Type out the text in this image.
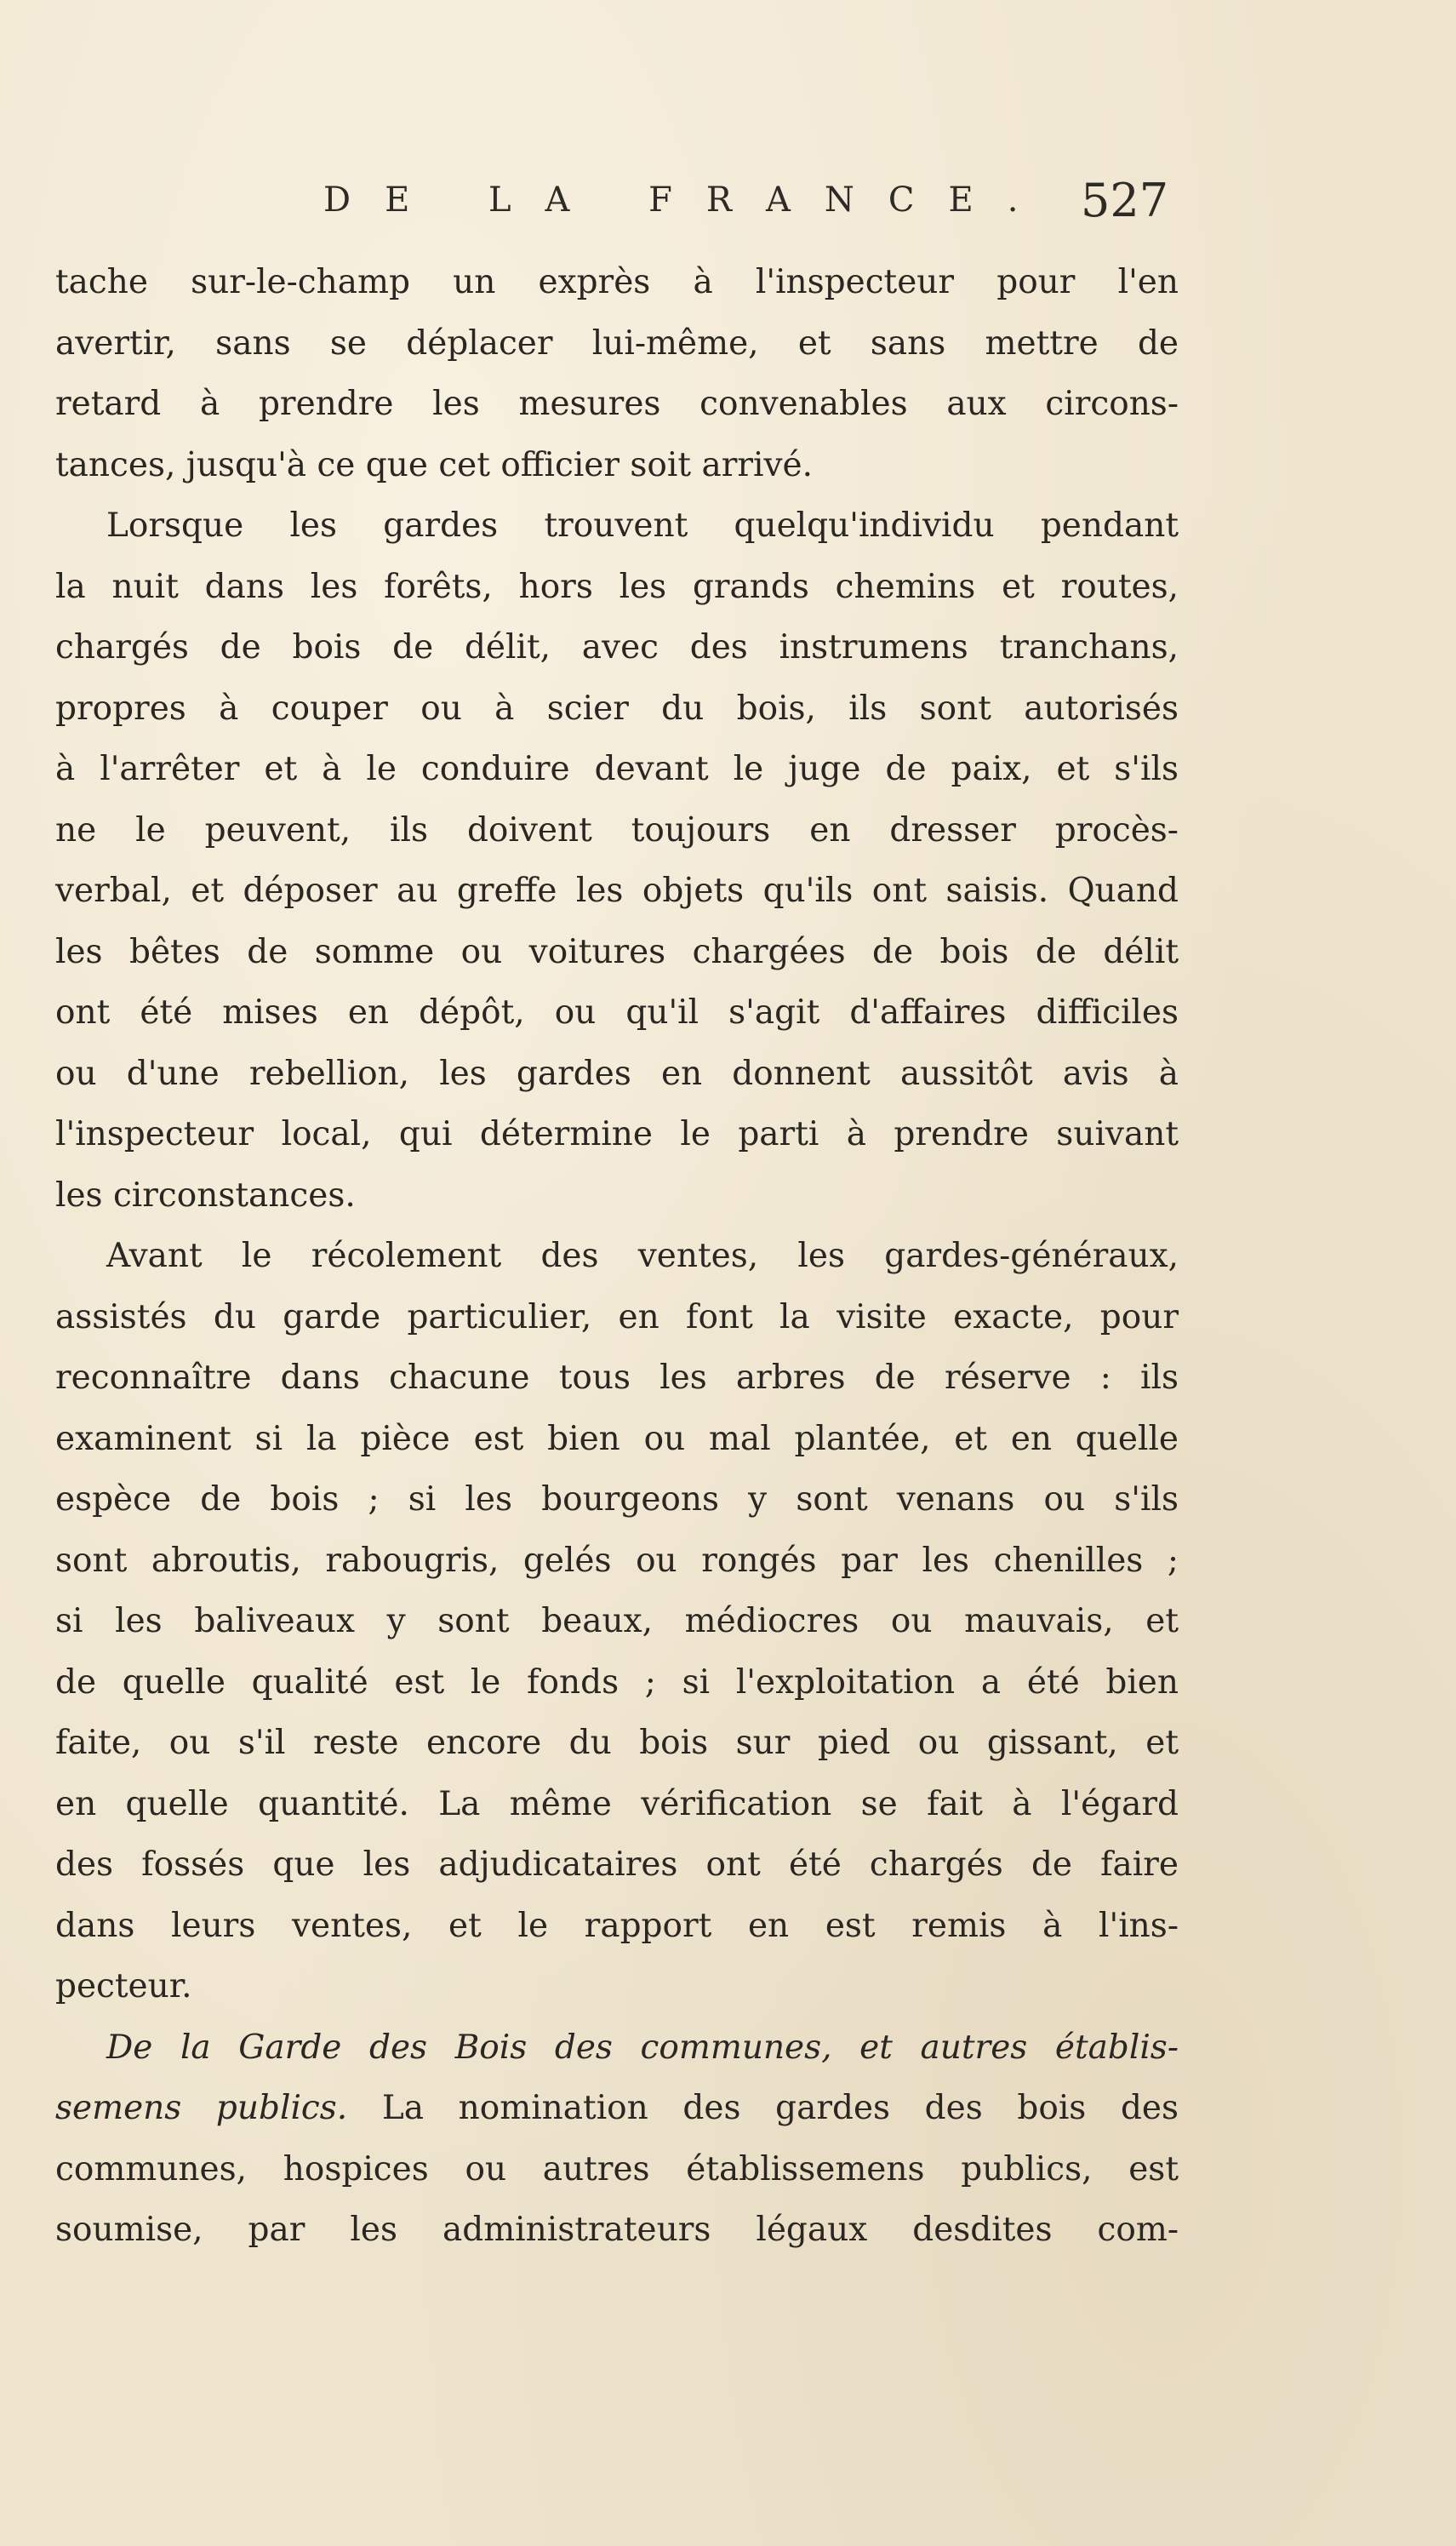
DE LA FRANCE. 527
tache sur-le-champ un exprès à l'inspecteur pour l'en
avertir, sans se déplacer lui-même, et sans mettre de
retard à prendre les mesures convenables aux circons-
tances, jusqu'à ce que cet officier soit arrivé.
Lorsque les gardes trouvent quelqu'individu pendant
la nuit dans les forêts, hors les grands chemins et routes,
chargés de bois de délit, avec des instrumens tranchans,
propres à couper ou à scier du bois, ils sont autorisés
à l'arrêter et à le conduire devant le juge de paix, et s'ils
ne le peuvent, ils doivent toujours en dresser procès-
verbal, et déposer au greffe les objets qu'ils ont saisis. Quand
les bêtes de somme ou voitures chargées de bois de délit
ont été mises en dépôt, ou qu'il s'agit d'affaires difficiles
ou d'une rebellion, les gardes en donnent aussitôt avis à
l'inspecteur local, qui détermine le parti à prendre suivant
les circonstances.
Avant le récolement des ventes, les gardes-généraux,
assistés du garde particulier, en font la visite exacte, pour
reconnaître dans chacune tous les arbres de réserve : ils
examinent si la pièce est bien ou mal plantée, et en quelle
espèce de bois ; si les bourgeons y sont venans ou s'ils
sont abroutis, rabougris, gelés ou rongés par les chenilles ;
si les baliveaux y sont beaux, médiocres ou mauvais, et
de quelle qualité est le fonds ; si l'exploitation a été bien
faite, ou s'il reste encore du bois sur pied ou gissant, et
en quelle quantité. La même vérification se fait à l'égard
des fossés que les adjudicataires ont été chargés de faire
dans leurs ventes, et le rapport en est remis à l'ins-
pecteur.
De la Garde des Bois des communes, et autres établis-
semens publics. La nomination des gardes des bois des
communes, hospices ou autres établissemens publics, est
soumise, par les administrateurs légaux desdites com-
